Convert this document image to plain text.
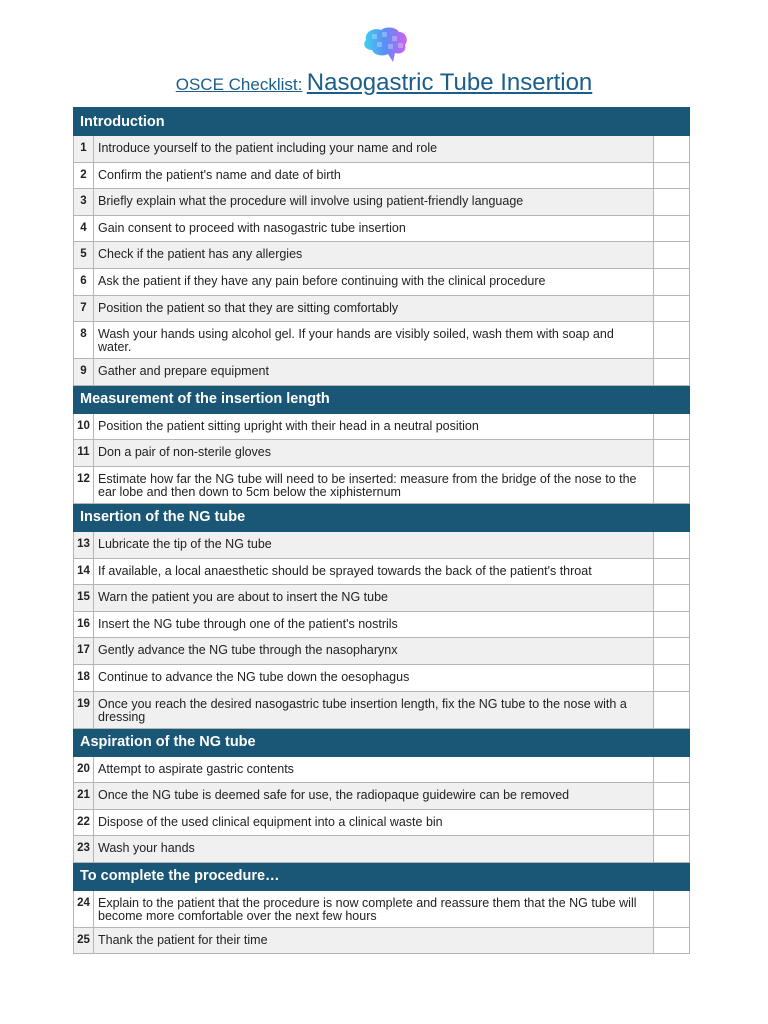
OSCE Checklist: Nasogastric Tube Insertion
Introduction		
1	Introduce yourself to the patient including your name and role	
2	Confirm the patient's name and date of birth	
3	Briefly explain what the procedure will involve using patient-friendly language	
4	Gain consent to proceed with nasogastric tube insertion	
5	Check if the patient has any allergies	
6	Ask the patient if they have any pain before continuing with the clinical procedure	
7	Position the patient so that they are sitting comfortably	
8	Wash your hands using alcohol gel. If your hands are visibly soiled, wash them with soap and water.	
9	Gather and prepare equipment	
Measurement of the insertion length		
10	Position the patient sitting upright with their head in a neutral position	
11	Don a pair of non-sterile gloves	
12	Estimate how far the NG tube will need to be inserted: measure from the bridge of the nose to the ear lobe and then down to 5cm below the xiphisternum	
Insertion of the NG tube		
13	Lubricate the tip of the NG tube	
14	If available, a local anaesthetic should be sprayed towards the back of the patient's throat	
15	Warn the patient you are about to insert the NG tube	
16	Insert the NG tube through one of the patient's nostrils	
17	Gently advance the NG tube through the nasopharynx	
18	Continue to advance the NG tube down the oesophagus	
19	Once you reach the desired nasogastric tube insertion length, fix the NG tube to the nose with a dressing	
Aspiration of the NG tube		
20	Attempt to aspirate gastric contents	
21	Once the NG tube is deemed safe for use, the radiopaque guidewire can be removed	
22	Dispose of the used clinical equipment into a clinical waste bin	
23	Wash your hands	
To complete the procedure…		
24	Explain to the patient that the procedure is now complete and reassure them that the NG tube will become more comfortable over the next few hours	
25	Thank the patient for their time	
